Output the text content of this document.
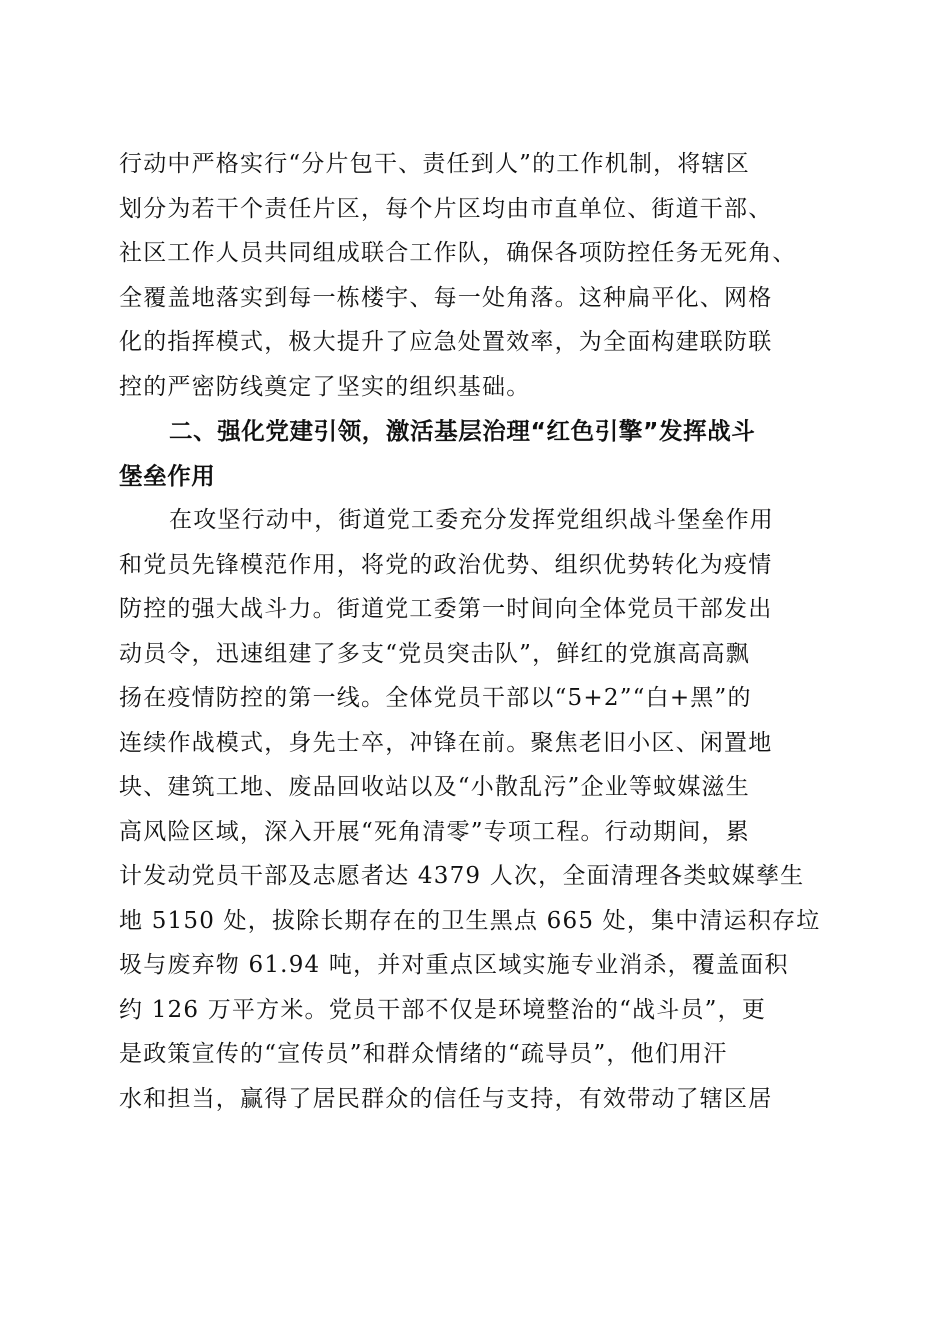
行动中严格实行“分片包干、责任到人”的工作机制，将辖区
划分为若干个责任片区，每个片区均由市直单位、街道干部、
社区工作人员共同组成联合工作队，确保各项防控任务无死角、
全覆盖地落实到每一栋楼宇、每一处角落。这种扁平化、网格
化的指挥模式，极大提升了应急处置效率，为全面构建联防联
控的严密防线奠定了坚实的组织基础。
二、强化党建引领，激活基层治理“红色引擎”发挥战斗
堡垒作用
在攻坚行动中，街道党工委充分发挥党组织战斗堡垒作用
和党员先锋模范作用，将党的政治优势、组织优势转化为疫情
防控的强大战斗力。街道党工委第一时间向全体党员干部发出
动员令，迅速组建了多支“党员突击队”，鲜红的党旗高高飘
扬在疫情防控的第一线。全体党员干部以“5+2”“白+黑”的
连续作战模式，身先士卒，冲锋在前。聚焦老旧小区、闲置地
块、建筑工地、废品回收站以及“小散乱污”企业等蚊媒滋生
高风险区域，深入开展“死角清零”专项工程。行动期间，累
计发动党员干部及志愿者达 4379 人次，全面清理各类蚊媒孳生
地 5150 处，拔除长期存在的卫生黑点 665 处，集中清运积存垃
圾与废弃物 61.94 吨，并对重点区域实施专业消杀，覆盖面积
约 126 万平方米。党员干部不仅是环境整治的“战斗员”，更
是政策宣传的“宣传员”和群众情绪的“疏导员”，他们用汗
水和担当，赢得了居民群众的信任与支持，有效带动了辖区居
